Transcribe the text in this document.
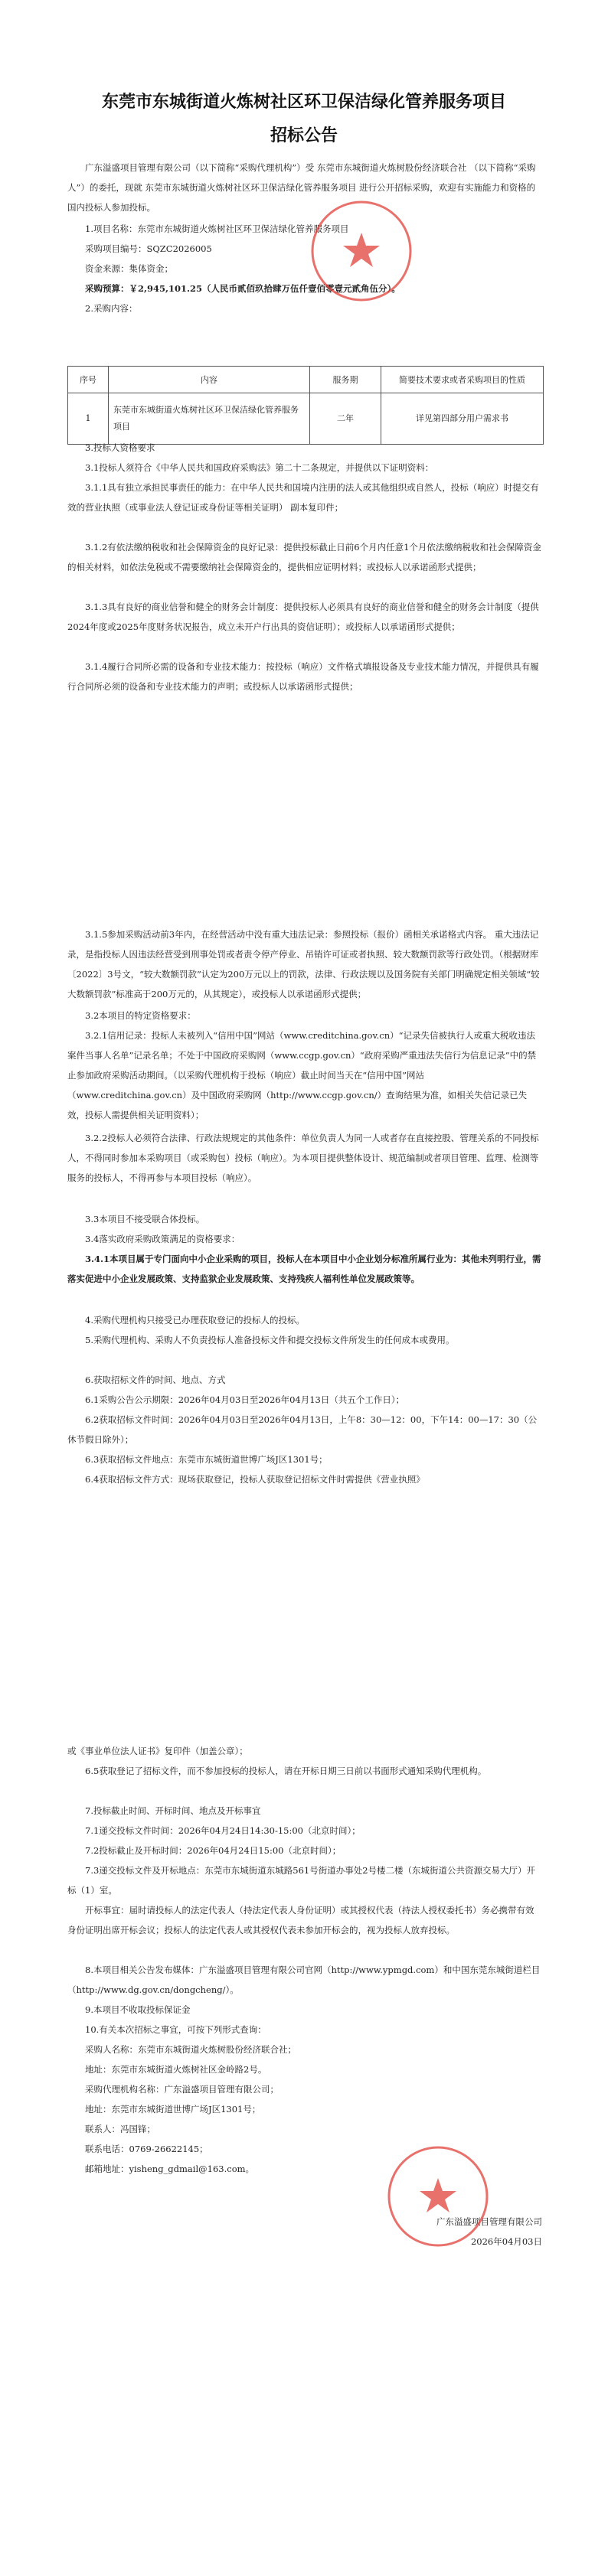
东莞市东城街道火炼树社区环卫保洁绿化管养服务项目
招标公告

广东溢盛项目管理有限公司（以下简称“采购代理机构”）受 东莞市东城街道火炼树股份经济联合社 （以下简称“采购人”）的委托，现就 东莞市东城街道火炼树社区环卫保洁绿化管养服务项目 进行公开招标采购，欢迎有实施能力和资格的国内投标人参加投标。

1.项目名称：东莞市东城街道火炼树社区环卫保洁绿化管养服务项目

采购项目编号：SQZC2026005

资金来源：集体资金；

采购预算：￥2,945,101.25（人民币贰佰玖拾肆万伍仟壹佰零壹元贰角伍分）。

2.采购内容：

序号	内容	服务期	简要技术要求或者采购项目的性质
1	东莞市东城街道火炼树社区环卫保洁绿化管养服务项目	二年	详见第四部分用户需求书

3.投标人资格要求

3.1投标人须符合《中华人民共和国政府采购法》第二十二条规定，并提供以下证明资料：

3.1.1具有独立承担民事责任的能力：在中华人民共和国境内注册的法人或其他组织或自然人，投标（响应）时提交有效的营业执照（或事业法人登记证或身份证等相关证明） 副本复印件；

3.1.2有依法缴纳税收和社会保障资金的良好记录：提供投标截止日前6个月内任意1个月依法缴纳税收和社会保障资金的相关材料，如依法免税或不需要缴纳社会保障资金的，提供相应证明材料；或投标人以承诺函形式提供；

3.1.3具有良好的商业信誉和健全的财务会计制度：提供投标人必须具有良好的商业信誉和健全的财务会计制度（提供2024年度或2025年度财务状况报告，成立未开户行出具的资信证明）；或投标人以承诺函形式提供；

3.1.4履行合同所必需的设备和专业技术能力：按投标（响应）文件格式填报设备及专业技术能力情况，并提供具有履行合同所必须的设备和专业技术能力的声明；或投标人以承诺函形式提供；

3.1.5参加采购活动前3年内，在经营活动中没有重大违法记录：参照投标（报价）函相关承诺格式内容。 重大违法记录，是指投标人因违法经营受到刑事处罚或者责令停产停业、吊销许可证或者执照、较大数额罚款等行政处罚。（根据财库〔2022〕3号文，“较大数额罚款”认定为200万元以上的罚款，法律、行政法规以及国务院有关部门明确规定相关领域“较大数额罚款”标准高于200万元的，从其规定），或投标人以承诺函形式提供；

3.2本项目的特定资格要求：

3.2.1信用记录：投标人未被列入“信用中国”网站（www.creditchina.gov.cn）“记录失信被执行人或重大税收违法案件当事人名单”记录名单；不处于中国政府采购网（www.ccgp.gov.cn）“政府采购严重违法失信行为信息记录”中的禁止参加政府采购活动期间。（以采购代理机构于投标（响应）截止时间当天在“信用中国”网站（www.creditchina.gov.cn）及中国政府采购网（http://www.ccgp.gov.cn/）查询结果为准，如相关失信记录已失效，投标人需提供相关证明资料）；

3.2.2投标人必须符合法律、行政法规规定的其他条件：单位负责人为同一人或者存在直接控股、管理关系的不同投标人，不得同时参加本采购项目（或采购包）投标（响应）。为本项目提供整体设计、规范编制或者项目管理、监理、检测等服务的投标人，不得再参与本项目投标（响应）。

3.3本项目不接受联合体投标。

3.4落实政府采购政策满足的资格要求：

3.4.1本项目属于专门面向中小企业采购的项目，投标人在本项目中小企业划分标准所属行业为：其他未列明行业，需落实促进中小企业发展政策、支持监狱企业发展政策、支持残疾人福利性单位发展政策等。

4.采购代理机构只接受已办理获取登记的投标人的投标。

5.采购代理机构、采购人不负责投标人准备投标文件和提交投标文件所发生的任何成本或费用。

6.获取招标文件的时间、地点、方式

6.1采购公告公示期限：2026年04月03日至2026年04月13日（共五个工作日）；

6.2获取招标文件时间：2026年04月03日至2026年04月13日，上午8：30—12：00，下午14：00—17：30（公休节假日除外）；

6.3获取招标文件地点：东莞市东城街道世博广场J区1301号；

6.4获取招标文件方式：现场获取登记，投标人获取登记招标文件时需提供《营业执照》

或《事业单位法人证书》复印件（加盖公章）；

6.5获取登记了招标文件，而不参加投标的投标人，请在开标日期三日前以书面形式通知采购代理机构。

7.投标截止时间、开标时间、地点及开标事宜

7.1递交投标文件时间：2026年04月24日14:30-15:00（北京时间）；

7.2投标截止及开标时间：2026年04月24日15:00（北京时间）；

7.3递交投标文件及开标地点：东莞市东城街道东城路561号街道办事处2号楼二楼（东城街道公共资源交易大厅）开标（1）室。

开标事宜：届时请投标人的法定代表人（持法定代表人身份证明）或其授权代表（持法人授权委托书）务必携带有效身份证明出席开标会议；投标人的法定代表人或其授权代表未参加开标会的，视为投标人放弃投标。

8.本项目相关公告发布媒体：广东溢盛项目管理有限公司官网（http://www.ypmgd.com）和中国东莞东城街道栏目（http://www.dg.gov.cn/dongcheng/）。

9.本项目不收取投标保证金

10.有关本次招标之事宜，可按下列形式查询：

采购人名称：东莞市东城街道火炼树股份经济联合社；

地址：东莞市东城街道火炼树社区金岭路2号。

采购代理机构名称：广东溢盛项目管理有限公司；

地址：东莞市东城街道世博广场J区1301号；

联系人：冯国锋；

联系电话：0769-26622145；

邮箱地址：yisheng_gdmail@163.com。

广东溢盛项目管理有限公司

2026年04月03日
